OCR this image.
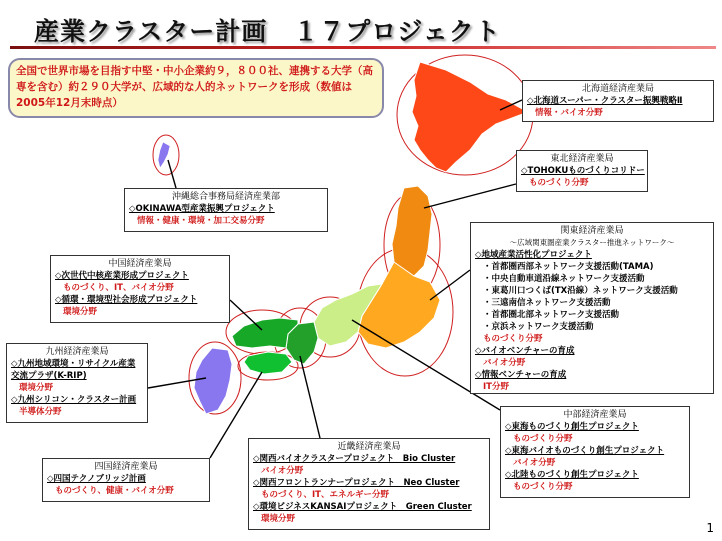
産業クラスター計画　１７プロジェクト
全国で世界市場を目指す中堅・中小企業約９，８００社、連携する大学（高専を含む）約２９０大学が、広域的な人的ネットワークを形成（数値は2005年12月末時点）
北海道経済産業局
◇北海道スーパー・クラスター振興戦略Ⅱ
情報・バイオ分野
東北経済産業局
◇TOHOKUものづくりコリドー
ものづくり分野
沖縄総合事務局経済産業部
◇OKINAWA型産業振興プロジェクト
情報・健康・環境・加工交易分野
関東経済産業局
～広域関東圏産業クラスター推進ネットワーク～
◇地域産業活性化プロジェクト
・首都圏西部ネットワーク支援活動(TAMA)
・中央自動車道沿線ネットワーク支援活動
・東葛川口つくば(TX沿線）ネットワーク支援活動
・三遠南信ネットワーク支援活動
・首都圏北部ネットワーク支援活動
・京浜ネットワーク支援活動
ものづくり分野
◇バイオベンチャーの育成
バイオ分野
◇情報ベンチャーの育成
IT分野
中国経済産業局
◇次世代中核産業形成プロジェクト
ものづくり、IT、バイオ分野
◇循環・環境型社会形成プロジェクト
環境分野
九州経済産業局
◇九州地域環境・リサイクル産業交流プラザ(K-RIP)
環境分野
◇九州シリコン・クラスター計画
半導体分野	中部経済産業局
◇東海ものづくり創生プロジェクト
ものづくり分野
◇東海バイオものづくり創生プロジェクト
バイオ分野
◇北陸ものづくり創生プロジェクト
ものづくり分野
近畿経済産業局
◇関西バイオクラスタープロジェクト　Bio Cluster
バイオ分野
◇関西フロントランナープロジェクト　Neo Cluster
ものづくり、IT、エネルギー分野
◇環境ビジネスKANSAIプロジェクト　Green Cluster
環境分野
四国経済産業局
◇四国テクノブリッジ計画
ものづくり、健康・バイオ分野
1
